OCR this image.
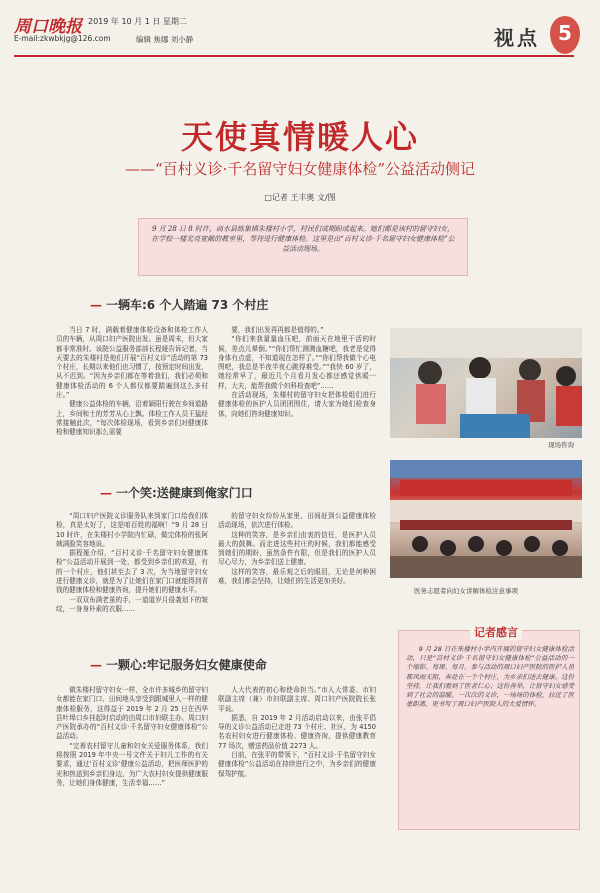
周口晚报 2019 年 10 月 1 日 星期二
E-mail:zkwbkjg@126.com	编辑 焦娜 刘小静	视点 5
天使真情暖人心
——“百村义诊·千名留守妇女健康体检”公益活动侧记
□记者 王丰奥 文/图

9 月 28 日 8 时许，商水县练集镇朱楼村小学，村民们或期盼或起来。她们都是该村的留守妇女，在学校一楼光亮宽敞的教室里，等待进行健康体检。这里是由“百村义诊·千名留守妇女健康体检”公益活动现场。

— 一辆车:6 个人踏遍 73 个村庄

当日 7 时，满载着健康体检设备和体检工作人员的车辆，从周口妇产医院出发。虽是周末，但大家都非常准时。该院公益服务部部长程娅告诉记者，当天要去的朱楼村是他们开展“百村义诊”活动的第 73 个村庄，长期以来他们也习惯了，按预定时间出发，从不迟到。“因为乡亲们都在等着我们，我们必须和健康体检活动的 6 个人都仅都要踏遍到这么多村庄。”

健康公益体检的车辆，沿着颖阳行驶在乡间道路上，乡间和土的芳芳从心上飘。体检工作人员王猛经常接触此次，“每次体检现场，看到乡亲们对健康体检和健康知识那么需要

要，我们出发再再都是值得的。”

“你们来我量量血压吧，前面天在地里干活的时候，差点儿晕倒。”“你们帮忙测测血糖吧，我老是觉得身体有点虚，不知道现在怎样了。”“你们帮我做个心电图吧，我总是半夜半夜心跳得难受。”“我快 60 岁了，她经常早了，最近几个月看月发心都还感觉供暖一样，大夫，能帮我做个妇科检查吧”……

在活动现场，朱楼村的留守妇女把体检组们进行健康体检的医护人员团团围住，请大家为她们检查身体，向她们咨询健康知识。

— 一个笑:送健康到俺家门口

“周口妇产医院义诊服务队来到家门口给我们体检，真是太好了，这是咱百姓的福啊！”9 月 28 日 10 时许，在朱楼村小学院内忙碌，做完体检的张阿姨满脸笑容地说。

据程娅介绍，“百村义诊·千名留守妇女健康体检”公益活动开展到一处，都受到乡亲们的欢迎，有的一个村庄，他们甚至去了 3 次，为当地留守妇女进行健康义诊，就是为了让她们在家门口就能得到省钱的健康体检和健康咨询，提升她们的健康水平。

一双双布满老茧的手，一道道岁月侵袭划下的皱纹，一身身朴素的衣服……

的留守妇女纷纷从家里、田间赶到公益健康体检活动现场，依次进行体检。

这种的笑容，是乡亲们由衷的信任，是医护人员最大的鼓舞。而走进这些村庄的时候，我们都能感受到她们的期盼，虽然条件有限，但是我们的医护人员尽心尽力，为乡亲们送上健康。

这样的笑容，最乐观之后的眼泪，无论是何种困难，我们都会坚持，让她们的生活更加美好。

— 一颗心:牢记服务妇女健康使命

做朱楼村留守妇女一样，全市许多城乡的留守妇女都能在家门口、田间地头享受到跟城里人一样的健康体检服务，这得益于 2019 年 2 月 25 日在西华县叶埠口乡挂起时启动的由周口市妇联主办、周口妇产医院承办的“百村义诊·千名留守妇女健康体检”公益活动。

“完善农村留守儿童和妇女关爱服务体系，我们将按照 2019 年中央一号文件关于妇儿工作的有关要求，通过‘百村义诊’健康公益活动，把医师医护的光和热送到乡亲们身边，为广大农村妇女提供健康服务，让她们身体健康，生活幸福……”

人大代表的初心和使命担当。”市人大常委、市妇联副主席（兼）市妇联副主席、周口妇产医院院长张平说。

据悉，自 2019 年 2 月活动启动以来，由张平倡导的义诊公益活动已走进 73 个村庄、社区，为 4150 名农村妇女进行健康体检、健康咨询，提供健康教育 77 场次，赠送药品价值 2273 人。

目前，在张平的带领下，“百村义诊·千名留守妇女健康体检”公益活动在持续进行之中，为乡亲们的健康保驾护航。

现场咨询
医务志愿者向妇女讲解体检注意事项
记者感言

9 月 28 日在朱楼村小学内开展的留守妇女健康体检活动，只是“百村义诊·千名留守妇女健康体检”公益活动的一个缩影。每周、每月，参与活动的周口妇产医院的医护人员都风雨无阻，奔赴在一个个村庄，为乡亲们送去健康。这份坚持，让我们看到了医者仁心；这份善举，让留守妇女感受到了社会的温暖。一次次的义诊，一场场的体检，拉近了医患距离，更书写了周口妇产医院人的大爱情怀。
